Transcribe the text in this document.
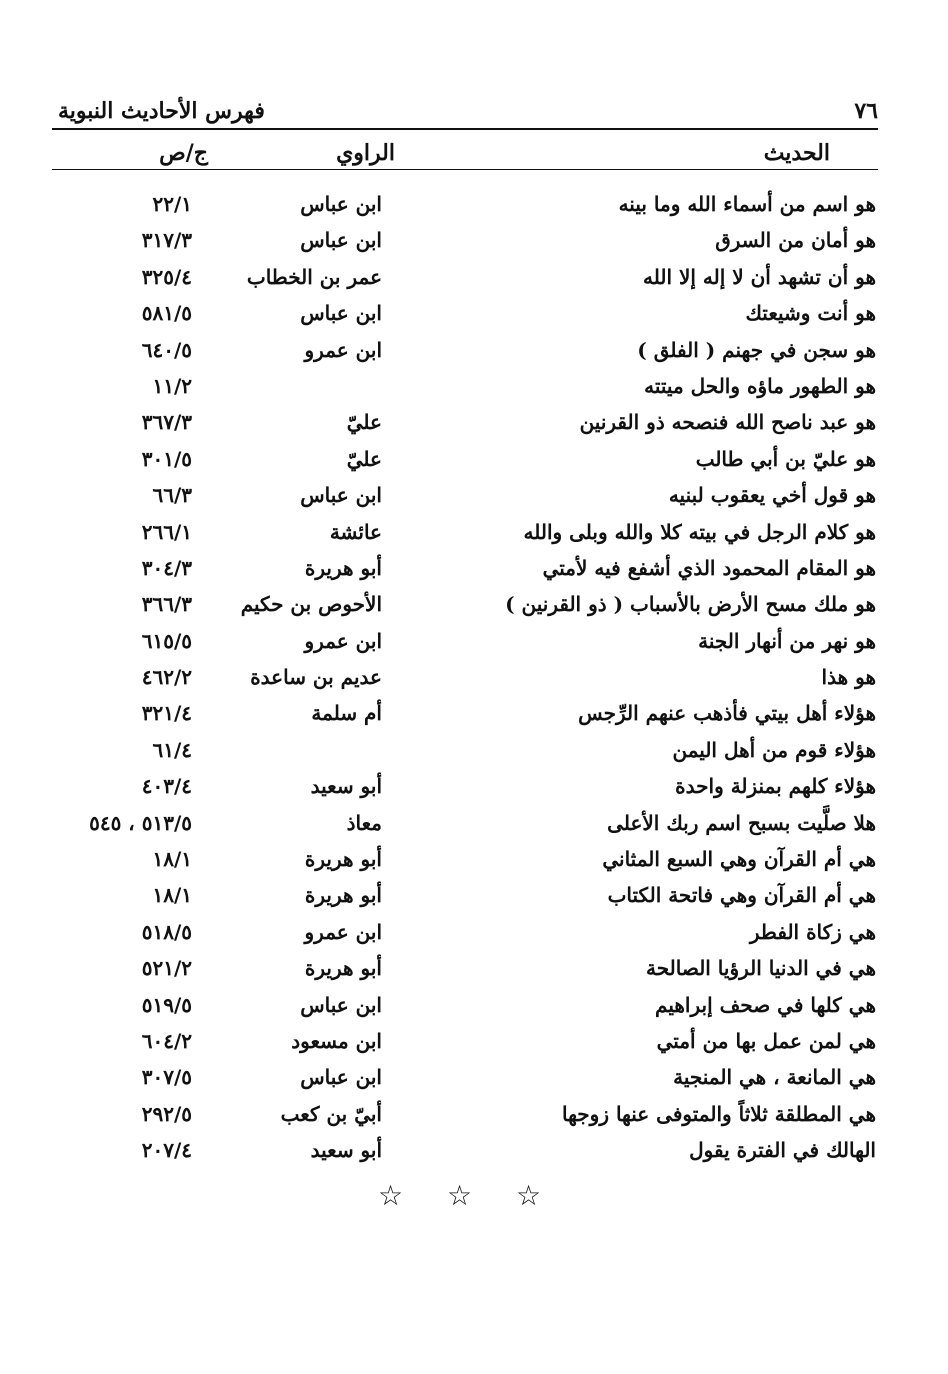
٧٦
فهرس الأحاديث النبوية
الحديث
الراوي
ج/ص
هو اسم من أسماء الله وما بينه
ابن عباس
٢٢/١
هو أمان من السرق
ابن عباس
٣١٧/٣
هو أن تشهد أن لا إله إلا الله
عمر بن الخطاب
٣٢٥/٤
هو أنت وشيعتك
ابن عباس
٥٨١/٥
هو سجن في جهنم ( الفلق )
ابن عمرو
٦٤٠/٥
هو الطهور ماؤه والحل ميتته
١١/٢
هو عبد ناصح الله فنصحه ذو القرنين
عليّ
٣٦٧/٣
هو عليّ بن أبي طالب
عليّ
٣٠١/٥
هو قول أخي يعقوب لبنيه
ابن عباس
٦٦/٣
هو كلام الرجل في بيته كلا والله وبلى والله
عائشة
٢٦٦/١
هو المقام المحمود الذي أشفع فيه لأمتي
أبو هريرة
٣٠٤/٣
هو ملك مسح الأرض بالأسباب ( ذو القرنين )
الأحوص بن حكيم
٣٦٦/٣
هو نهر من أنهار الجنة
ابن عمرو
٦١٥/٥
هو هذا
عديم بن ساعدة
٤٦٢/٢
هؤلاء أهل بيتي فأذهب عنهم الرِّجس
أم سلمة
٣٢١/٤
هؤلاء قوم من أهل اليمن
٦١/٤
هؤلاء كلهم بمنزلة واحدة
أبو سعيد
٤٠٣/٤
هلا صلَّيت بسبح اسم ربك الأعلى
معاذ
٥١٣/٥ ، ٥٤٥
هي أم القرآن وهي السبع المثاني
أبو هريرة
١٨/١
هي أم القرآن وهي فاتحة الكتاب
أبو هريرة
١٨/١
هي زكاة الفطر
ابن عمرو
٥١٨/٥
هي في الدنيا الرؤيا الصالحة
أبو هريرة
٥٢١/٢
هي كلها في صحف إبراهيم
ابن عباس
٥١٩/٥
هي لمن عمل بها من أمتي
ابن مسعود
٦٠٤/٢
هي المانعة ، هي المنجية
ابن عباس
٣٠٧/٥
هي المطلقة ثلاثاً والمتوفى عنها زوجها
أبيّ بن كعب
٢٩٢/٥
الهالك في الفترة يقول
أبو سعيد
٢٠٧/٤
☆ ☆ ☆
